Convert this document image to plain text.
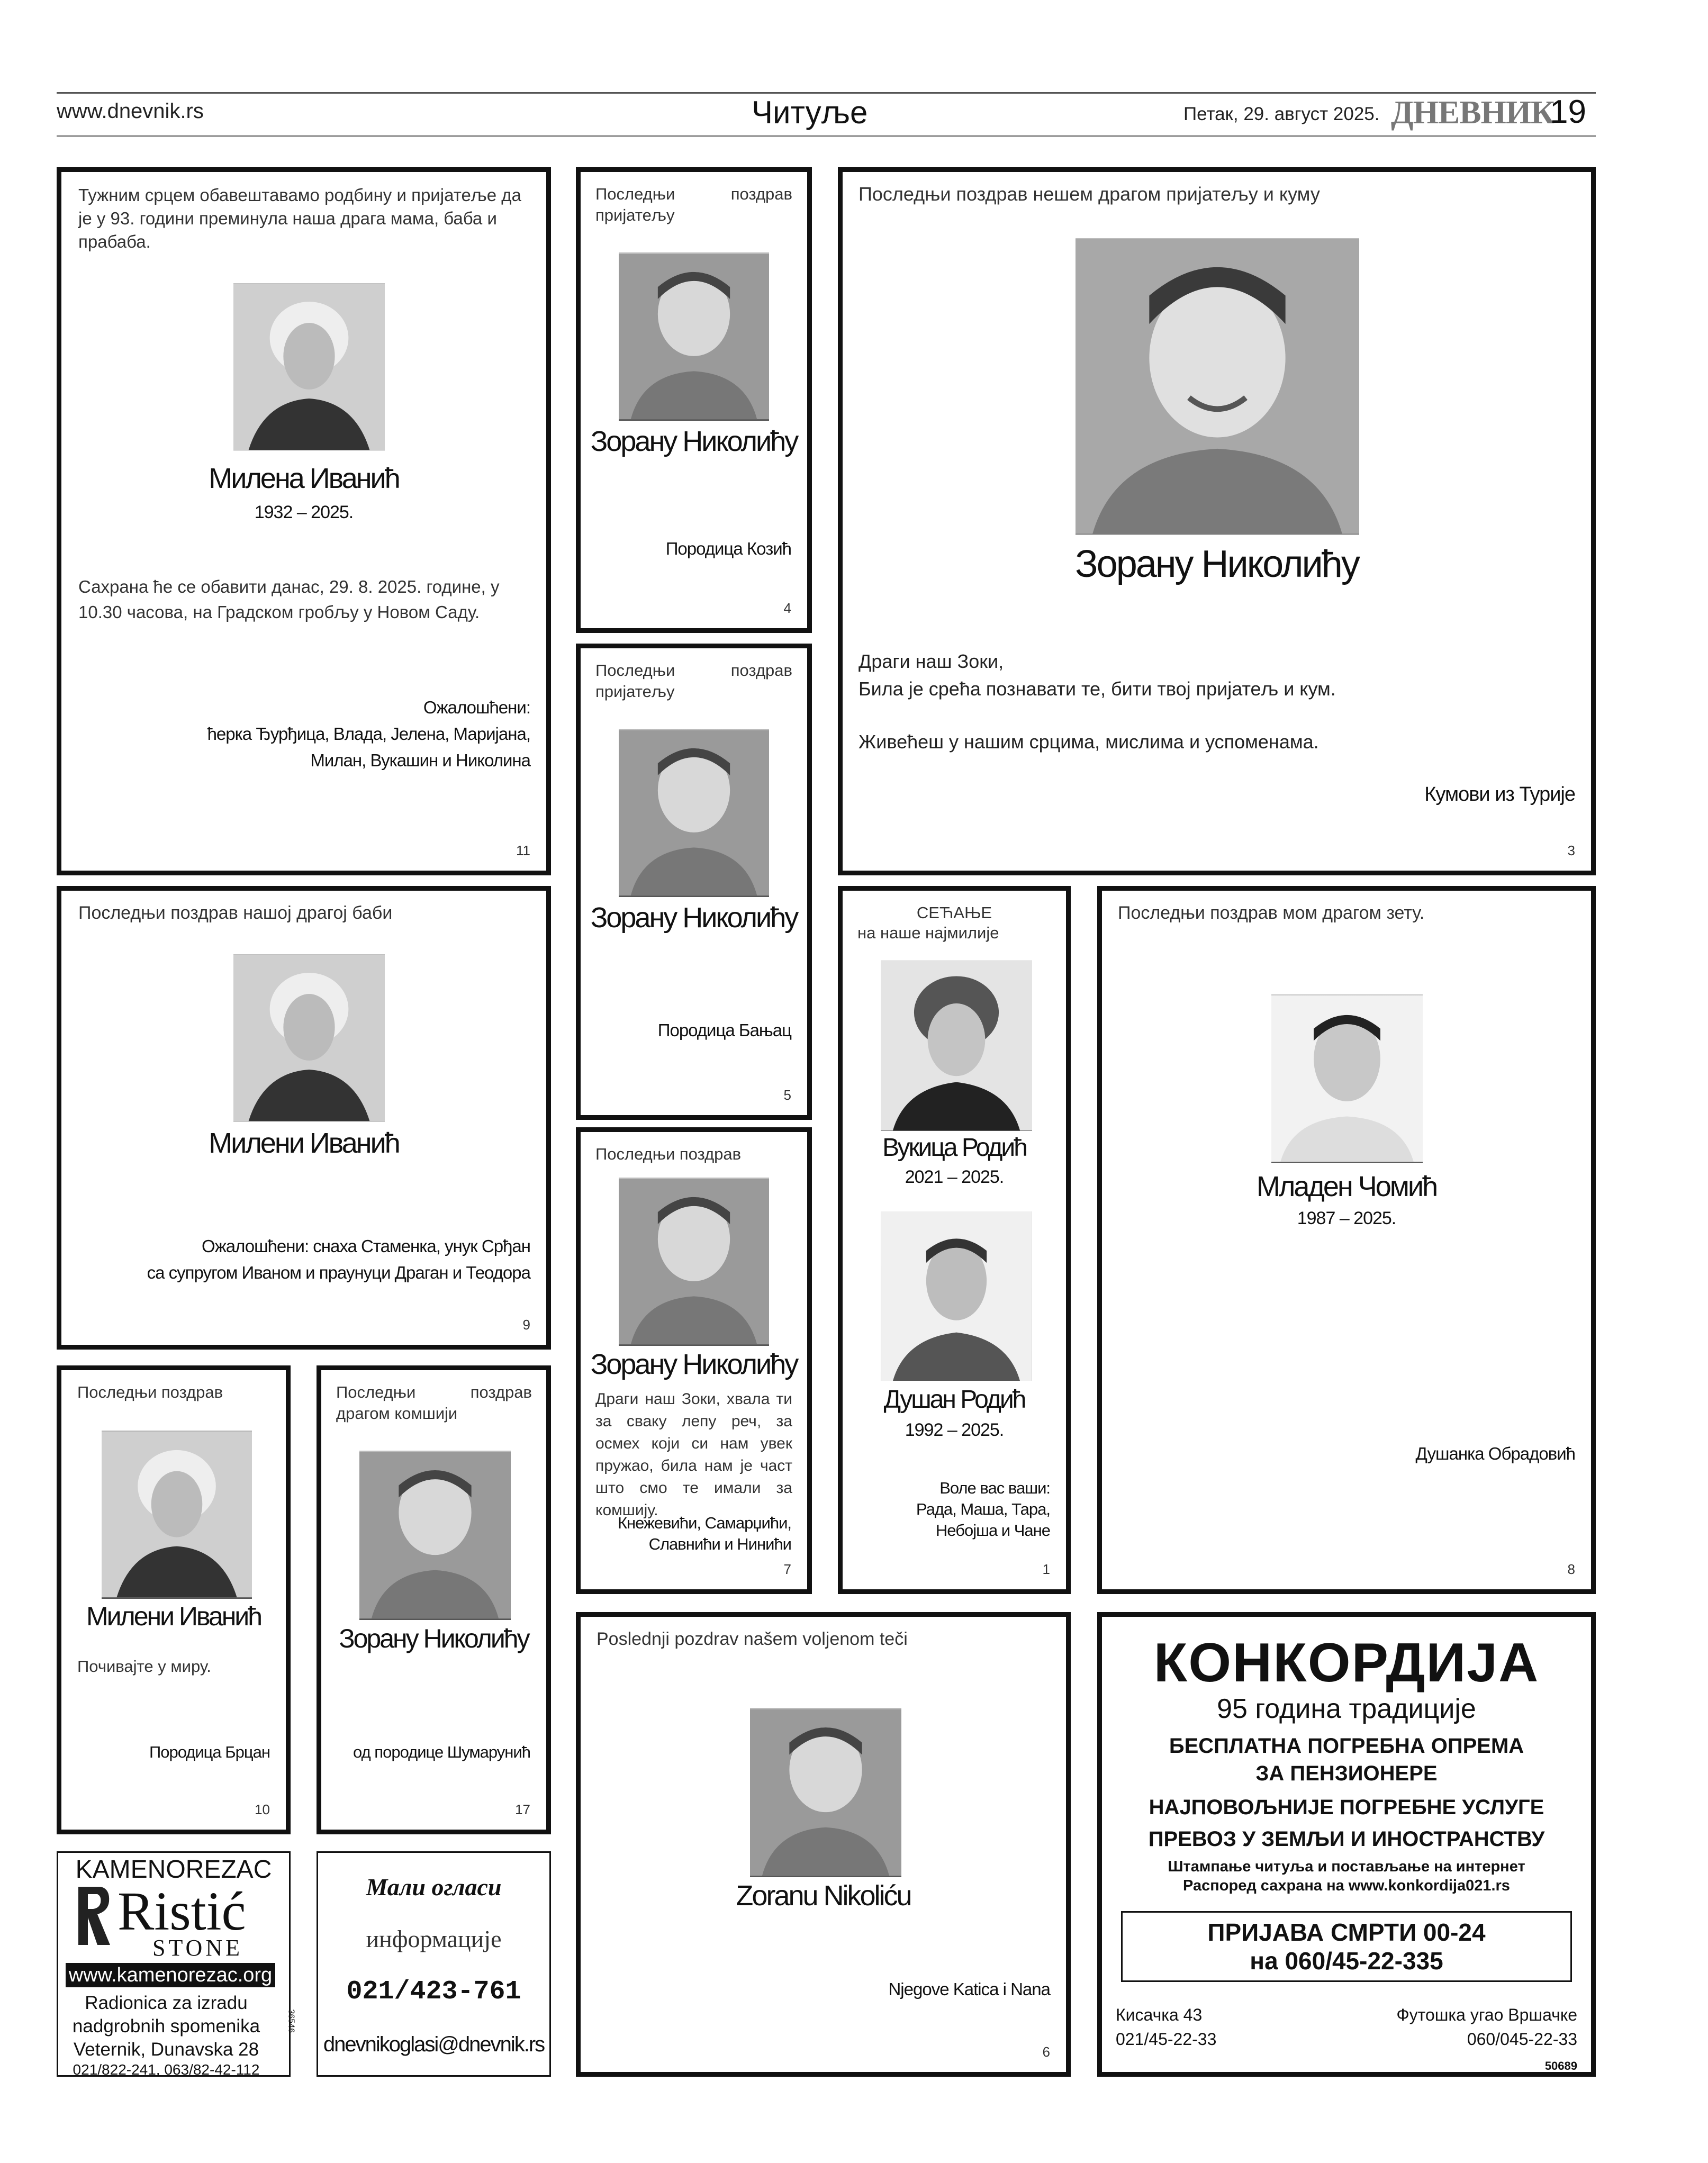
www.dnevnik.rs	Читуље	Петак, 29. август 2025. ДНЕВНИК
19
Тужним срцем обавештавамо родбину и пријатеље да је у 93. години преминула наша драга мама, баба и прабаба.
Милена Иванић
1932 – 2025.
Сахрана ће се обавити данас, 29. 8. 2025. године, у 10.30 часова, на Градском гробљу у Новом Саду.
Ожалошћени:
ћерка Ђурђица, Влада, Јелена, Маријана,
Милан, Вукашин и Николина
11
Последњи	поздрав
пријатељу
Зорану Николићу
Породица Козић
4
Последњи поздрав нешем драгом пријатељу и куму
Зорану Николићу
Драги наш Зоки,
Била је срећа познавати те, бити твој пријатељ и кум.
Живећеш у нашим срцима, мислима и успоменама.
Кумови из Турије
3
Последњи	поздрав
пријатељу
Зорану Николићу
Породица Бањац
5
Последњи поздрав нашој драгој баби
Милени Иванић
Ожалошћени: снаха Стаменка, унук Срђан
са супругом Иваном и праунуци Драган и Теодора
9
СЕЋАЊЕ
на наше најмилије
Вукица Родић
2021 – 2025.
Душан Родић
1992 – 2025.
Воле вас ваши:
Рада, Маша, Тара,
Небојша и Чане
1
Последњи поздрав мом драгом зету.
Младен Чомић
1987 – 2025.
Душанка Обрадовић
8
Последњи поздрав
Зорану Николићу
Драги наш Зоки, хвала ти за сваку лепу реч, за осмех који си нам увек пружао, била нам је част што смо те имали за комшију.
Кнежевићи, Самарџићи,
Славнићи и Нинићи
7
Последњи поздрав
Милени Иванић
Почивајте у миру.
Породица Брцан
10
Последњи поздрав драгом комшији
Зорану Николићу
од породице Шумарунић
17
Poslednji pozdrav našem voljenom teči
Zoranu Nikoliću
Njegove Katica i Nana
6
КОНКОРДИЈА
95 година традиције
БЕСПЛАТНА ПОГРЕБНА ОПРЕМА
ЗА ПЕНЗИОНЕРЕ
НАЈПОВОЉНИЈЕ ПОГРЕБНЕ УСЛУГЕ
ПРЕВОЗ У ЗЕМЉИ И ИНОСТРАНСТВУ
Штампање читуља и постављање на интернет
Распоред сахрана на www.konkordija021.rs
ПРИЈАВА СМРТИ 00-24
на 060/45-22-335
Кисачка 43
021/45-22-33
Футошка угао Вршачке
060/045-22-33
50689
KAMENOREZAC
Ristić
STONE
www.kamenorezac.org
Radionica za izradu
nadgrobnih spomenika
Veternik, Dunavska 28
021/822-241, 063/82-42-112
36546
Мали огласи
информације
021/423-761
dnevnikoglasi@dnevnik.rs
